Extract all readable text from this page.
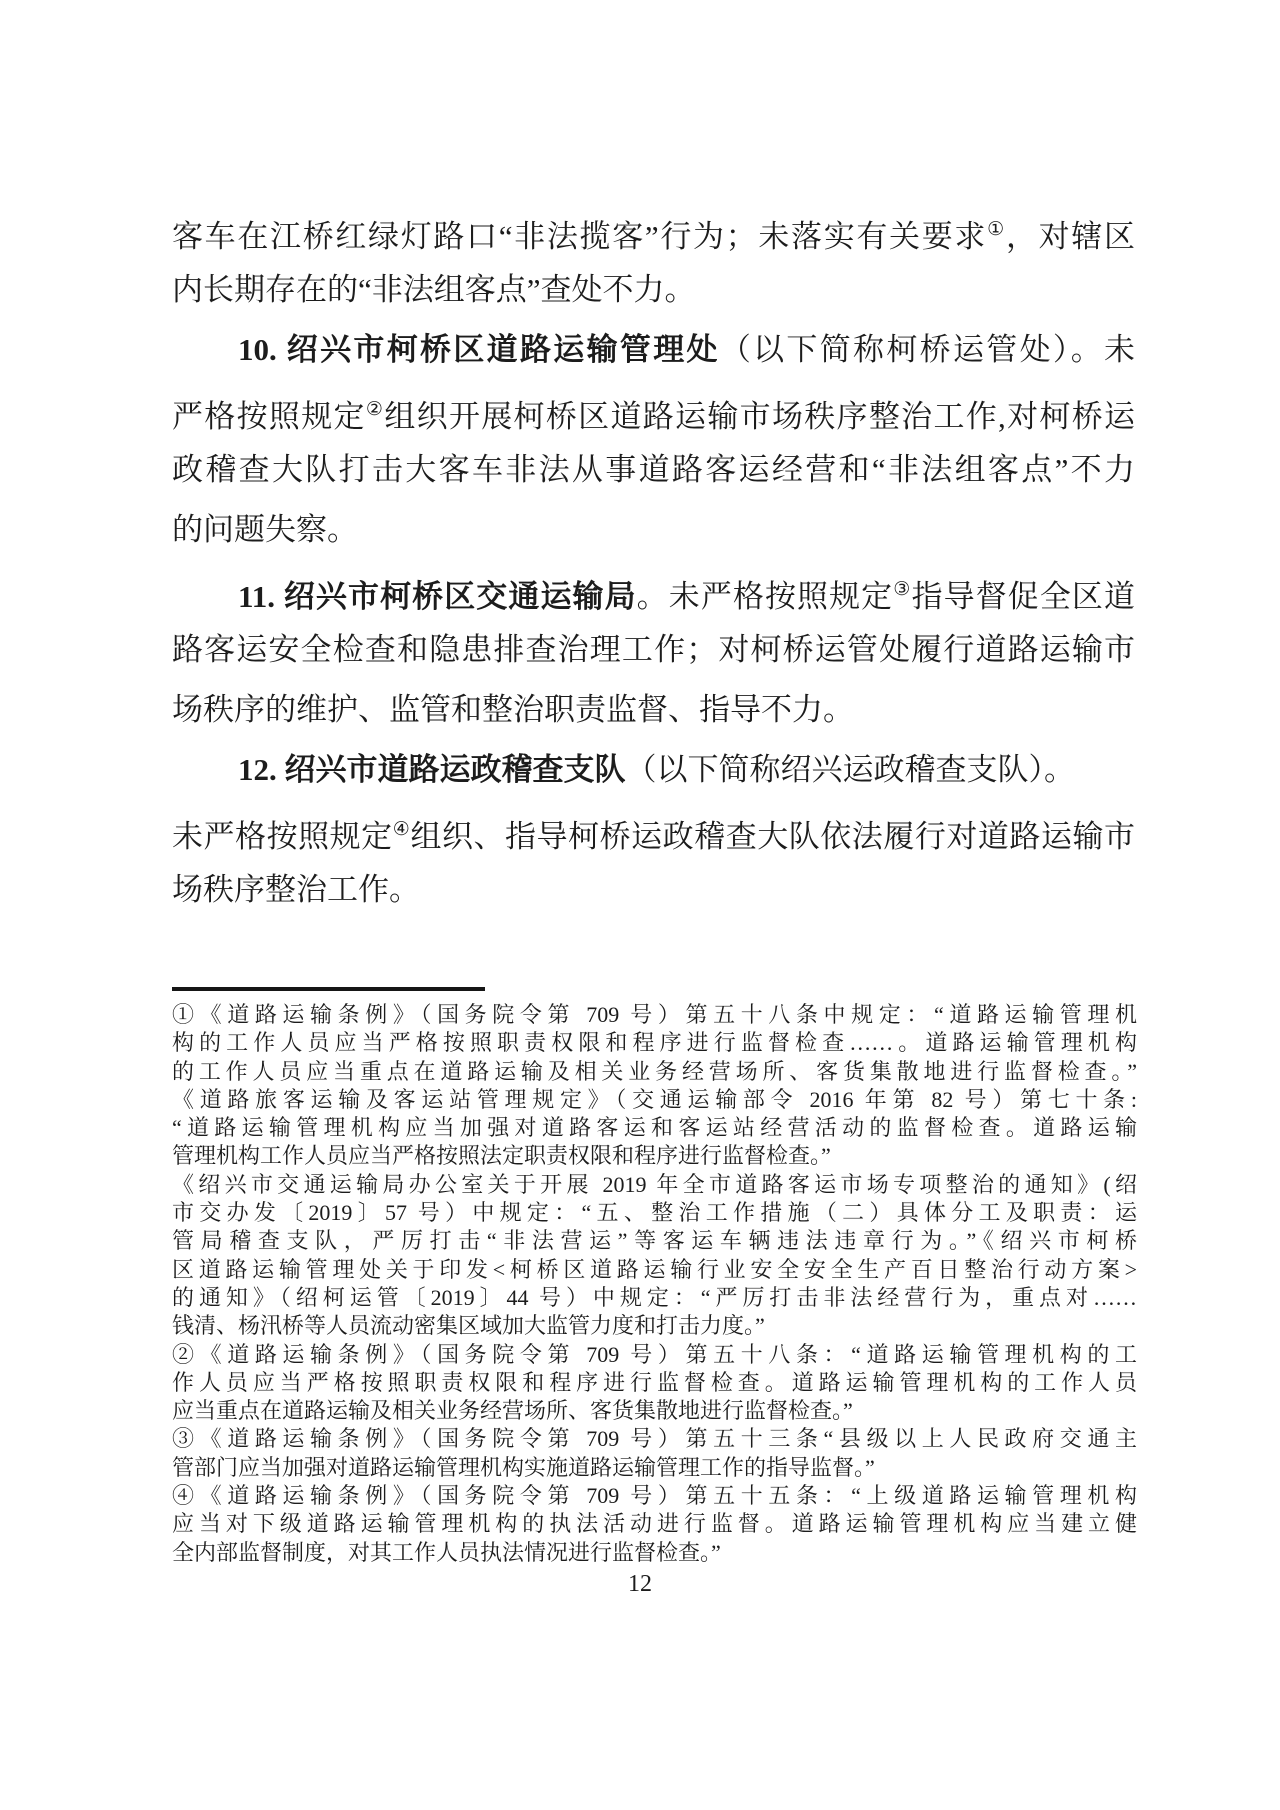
客车在江桥红绿灯路口“非法揽客”行为；未落实有关要求①，对辖区
内长期存在的“非法组客点”查处不力。
10. 绍兴市柯桥区道路运输管理处（以下简称柯桥运管处）。未
严格按照规定②组织开展柯桥区道路运输市场秩序整治工作,对柯桥运
政稽查大队打击大客车非法从事道路客运经营和“非法组客点”不力
的问题失察。
11. 绍兴市柯桥区交通运输局。未严格按照规定③指导督促全区道
路客运安全检查和隐患排查治理工作；对柯桥运管处履行道路运输市
场秩序的维护、监管和整治职责监督、指导不力。
12. 绍兴市道路运政稽查支队（以下简称绍兴运政稽查支队）。
未严格按照规定④组织、指导柯桥运政稽查大队依法履行对道路运输市
场秩序整治工作。
①《道路运输条例》（国务院令第 709 号）第五十八条中规定：“道路运输管理机
构的工作人员应当严格按照职责权限和程序进行监督检查……。道路运输管理机构
的工作人员应当重点在道路运输及相关业务经营场所、客货集散地进行监督检查。”
《道路旅客运输及客运站管理规定》（交通运输部令 2016 年第 82 号）第七十条:
“道路运输管理机构应当加强对道路客运和客运站经营活动的监督检查。道路运输
管理机构工作人员应当严格按照法定职责权限和程序进行监督检查。”
《绍兴市交通运输局办公室关于开展 2019 年全市道路客运市场专项整治的通知》(绍
市交办发〔2019〕57 号）中规定：“五、整治工作措施（二）具体分工及职责：运
管局稽查支队，严厉打击“非法营运”等客运车辆违法违章行为。”《绍兴市柯桥
区道路运输管理处关于印发<柯桥区道路运输行业安全安全生产百日整治行动方案>
的通知》（绍柯运管〔2019〕44 号）中规定：“严厉打击非法经营行为，重点对……
钱清、杨汛桥等人员流动密集区域加大监管力度和打击力度。”
②《道路运输条例》（国务院令第 709 号）第五十八条：“道路运输管理机构的工
作人员应当严格按照职责权限和程序进行监督检查。道路运输管理机构的工作人员
应当重点在道路运输及相关业务经营场所、客货集散地进行监督检查。”
③《道路运输条例》（国务院令第 709 号）第五十三条“县级以上人民政府交通主
管部门应当加强对道路运输管理机构实施道路运输管理工作的指导监督。”
④《道路运输条例》（国务院令第 709 号）第五十五条：“上级道路运输管理机构
应当对下级道路运输管理机构的执法活动进行监督。道路运输管理机构应当建立健
全内部监督制度，对其工作人员执法情况进行监督检查。”
12
